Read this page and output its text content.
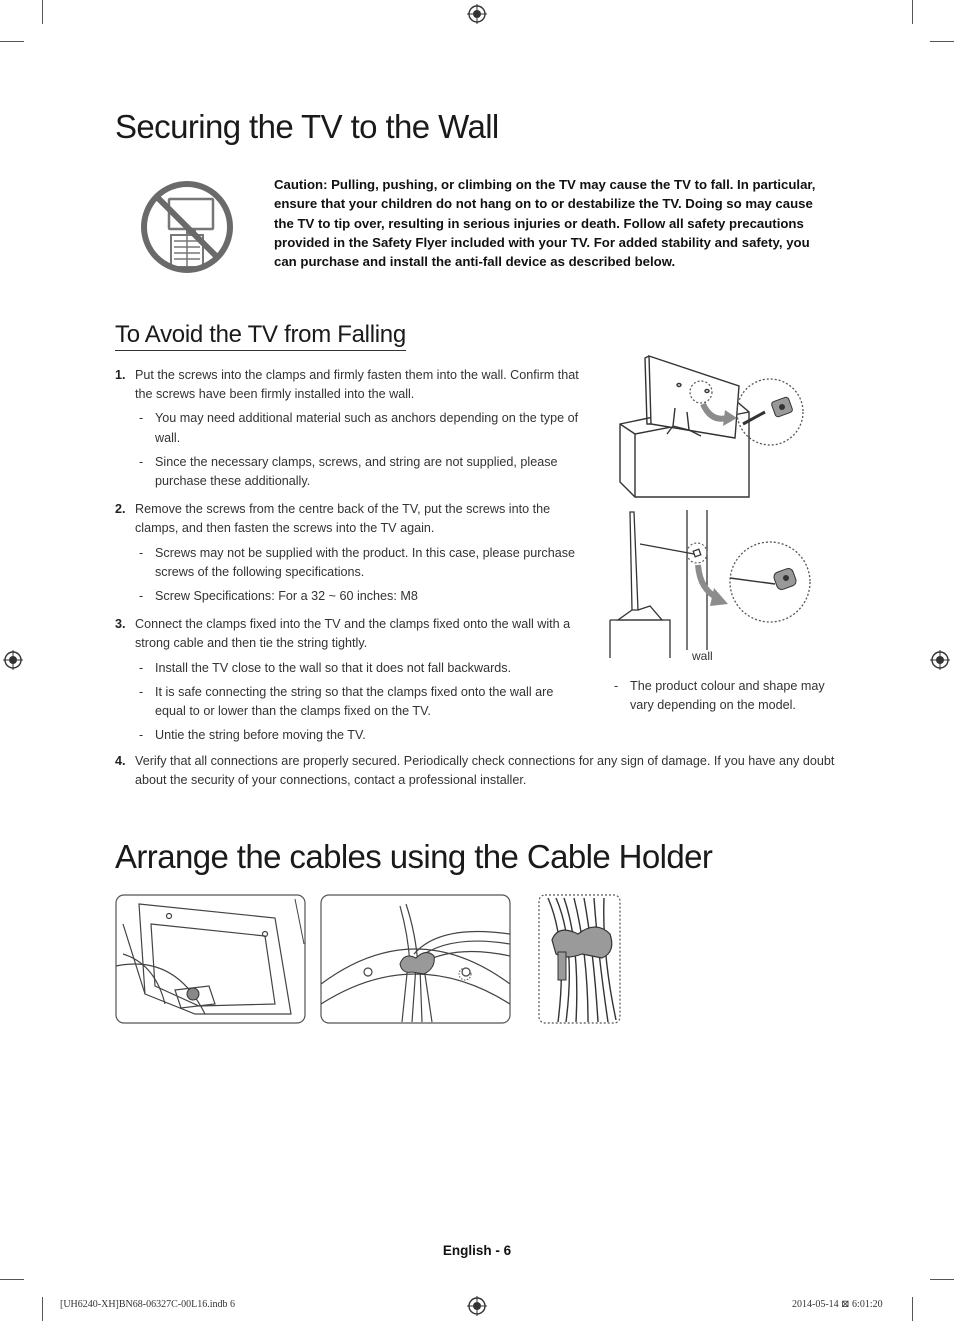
Securing the TV to the Wall
Caution: Pulling, pushing, or climbing on the TV may cause the TV to fall. In particular, ensure that your children do not hang on to or destabilize the TV. Doing so may cause the TV to tip over, resulting in serious injuries or death. Follow all safety precautions provided in the Safety Flyer included with your TV. For added stability and safety, you can purchase and install the anti-fall device as described below.
To Avoid the TV from Falling
1. Put the screws into the clamps and firmly fasten them into the wall. Confirm that the screws have been firmly installed into the wall.
- You may need additional material such as anchors depending on the type of wall.
- Since the necessary clamps, screws, and string are not supplied, please purchase these additionally.
2. Remove the screws from the centre back of the TV, put the screws into the clamps, and then fasten the screws into the TV again.
- Screws may not be supplied with the product. In this case, please purchase screws of the following specifications.
- Screw Specifications: For a 32 ~ 60 inches: M8
3. Connect the clamps fixed into the TV and the clamps fixed onto the wall with a strong cable and then tie the string tightly.
- Install the TV close to the wall so that it does not fall backwards.
- It is safe connecting the string so that the clamps fixed onto the wall are equal to or lower than the clamps fixed on the TV.
- Untie the string before moving the TV.
4. Verify that all connections are properly secured. Periodically check connections for any sign of damage. If you have any doubt about the security of your connections, contact a professional installer.
wall
- The product colour and shape may vary depending on the model.
Arrange the cables using the Cable Holder
English - 6
[UH6240-XH]BN68-06327C-00L16.indb 6	2014-05-14 ⊠ 6:01:20
